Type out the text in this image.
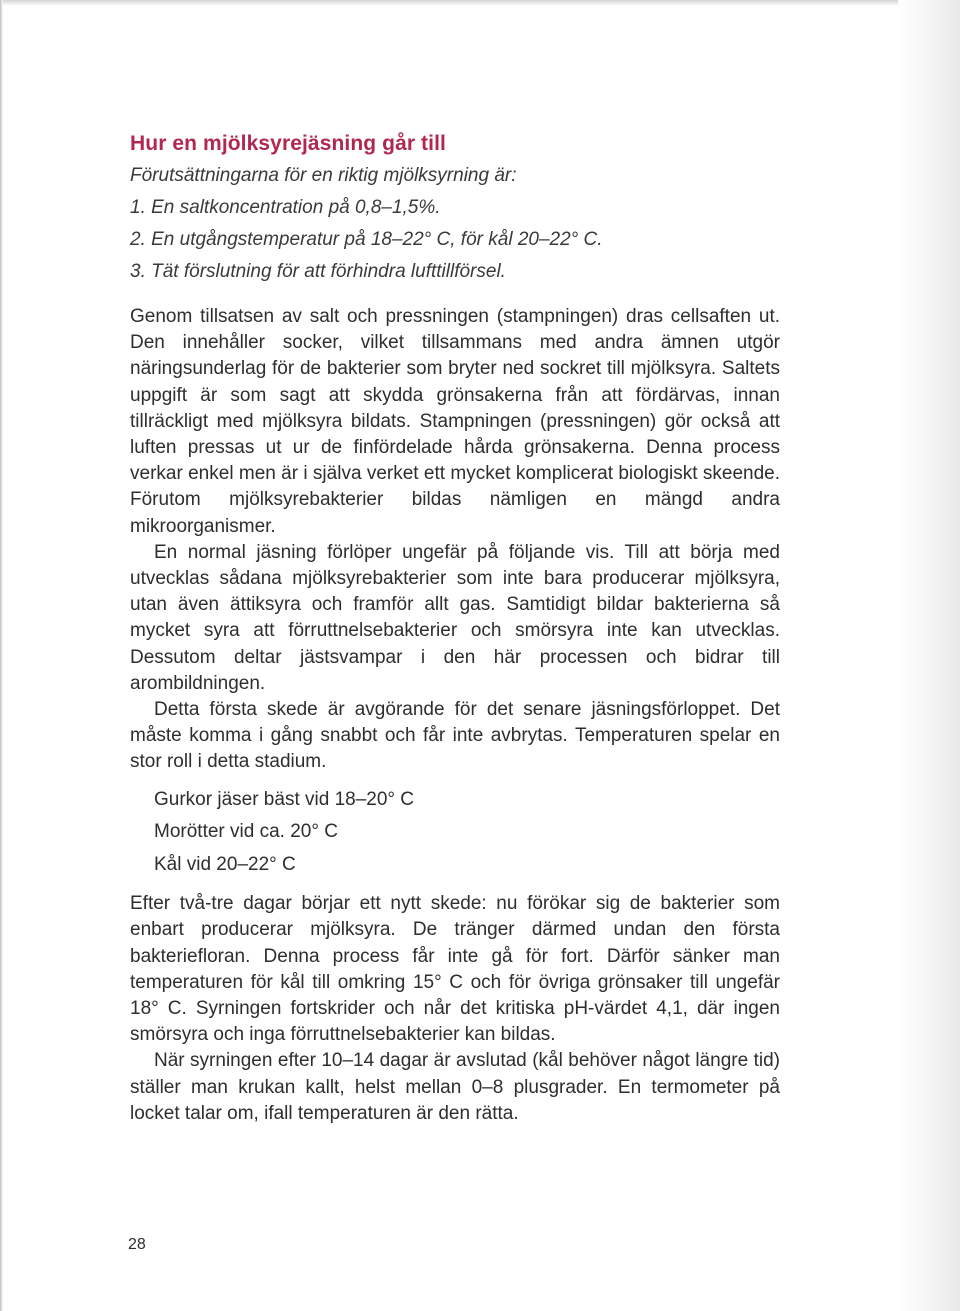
Hur en mjölksyrejäsning går till
Förutsättningarna för en riktig mjölksyrning är:
1. En saltkoncentration på 0,8–1,5%.
2. En utgångstemperatur på 18–22° C, för kål 20–22° C.
3. Tät förslutning för att förhindra lufttillförsel.

Genom tillsatsen av salt och pressningen (stampningen) dras cellsaften ut. Den innehåller socker, vilket tillsammans med andra ämnen utgör näringsunderlag för de bakterier som bryter ned sockret till mjölksyra. Saltets uppgift är som sagt att skydda grönsakerna från att fördärvas, innan tillräckligt med mjölksyra bildats. Stampningen (pressningen) gör också att luften pressas ut ur de finfördelade hårda grönsakerna. Denna process verkar enkel men är i själva verket ett mycket komplicerat biologiskt skeende. Förutom mjölksyrebakterier bildas nämligen en mängd andra mikroorganismer.

En normal jäsning förlöper ungefär på följande vis. Till att börja med utvecklas sådana mjölksyrebakterier som inte bara producerar mjölksyra, utan även ättiksyra och framför allt gas. Samtidigt bildar bakterierna så mycket syra att förruttnelsebakterier och smörsyra inte kan utvecklas. Dessutom deltar jästsvampar i den här processen och bidrar till arombildningen.

Detta första skede är avgörande för det senare jäsningsförloppet. Det måste komma i gång snabbt och får inte avbrytas. Temperaturen spelar en stor roll i detta stadium.

Gurkor jäser bäst vid 18–20° C
Morötter vid ca. 20° C
Kål vid 20–22° C

Efter två-tre dagar börjar ett nytt skede: nu förökar sig de bakterier som enbart producerar mjölksyra. De tränger därmed undan den första bakteriefloran. Denna process får inte gå för fort. Därför sänker man temperaturen för kål till omkring 15° C och för övriga grönsaker till ungefär 18° C. Syrningen fortskrider och når det kritiska pH-värdet 4,1, där ingen smörsyra och inga förruttnelsebakterier kan bildas.

När syrningen efter 10–14 dagar är avslutad (kål behöver något längre tid) ställer man krukan kallt, helst mellan 0–8 plusgrader. En termometer på locket talar om, ifall temperaturen är den rätta.

28
